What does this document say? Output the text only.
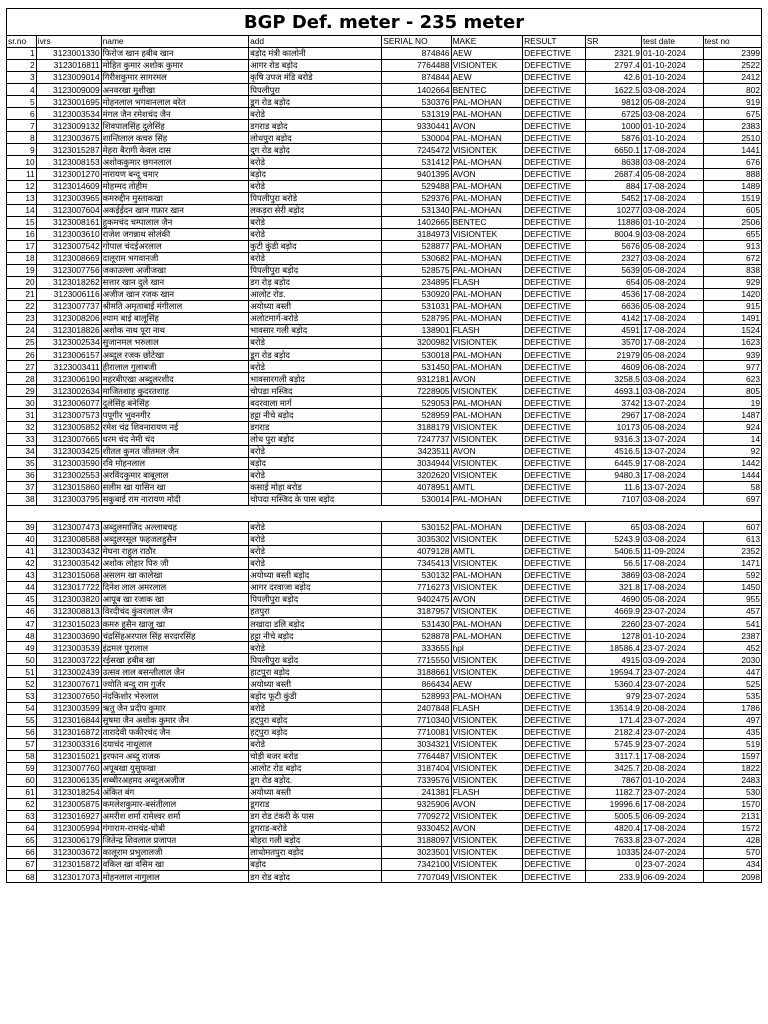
BGP Def. meter - 235 meter
sr.no	ivrs	name	add	SERIAL NO	MAKE	RESULT	SR	test date	test no
1	3123001330	फिरोज खान हबीब खान	बड़ोद मंत्री कालोनी	874846	AEW	DEFECTIVE	2321.9	01-10-2024	2399
2	3123016811	मोहित कुमार अशोक कुमार	आगर रोड बड़ोद	7764488	VISIONTEK	DEFECTIVE	2797.4	01-10-2024	2522
3	3123009014	गिरीशकुमार सागरमल	कृषि उपज मंडि बरोडे	874844	AEW	DEFECTIVE	42.6	01-10-2024	2412
4	3123009009	अनवरखा मुशीखा	पिपलीपुरा	1402664	BENTEC	DEFECTIVE	1622.5	03-08-2024	802
5	3123001695	मोहनलाल भगवानलाल बरेत	डूग रोड बड़ोद	530376	PAL-MOHAN	DEFECTIVE	9812	05-08-2024	919
6	3123003534	मंगल जैन रमेशचंद जैन	बरोडे	531319	PAL-MOHAN	DEFECTIVE	6725	03-08-2024	675
7	3123009132	शिवपालसिंह दुलेसिंह	डगराड बड़ोद	9330441	AVON	DEFECTIVE	1000	01-10-2024	2383
8	3123003675	शान्तिलाल कचरु सिंह	लोधपुरा बड़ोद	530004	PAL-MOHAN	DEFECTIVE	5876	01-10-2024	2510
9	3123015287	मेहरा बैरागी केवल दास	दुग रोड बड़ोद	7245472	VISIONTEK	DEFECTIVE	6650.1	17-08-2024	1441
10	3123008153	अशोककुमार छगनलाल	बरोडे	531412	PAL-MOHAN	DEFECTIVE	8638	03-08-2024	676
11	3123001270	नारायण बन्दू चमार	बड़ोद	9401395	AVON	DEFECTIVE	2687.4	05-08-2024	888
12	3123014609	मोहम्मद तोहीम	बरोडे	529488	PAL-MOHAN	DEFECTIVE	884	17-08-2024	1489
13	3123003965	कमरुद्दीन मुस्ताकखा	पिपलीपुरा बरोडे	529376	PAL-MOHAN	DEFECTIVE	5452	17-08-2024	1519
14	3123007604	अकईईदन खान गफ़ार खान	लकड़रा सेरी बड़ोद	531340	PAL-MOHAN	DEFECTIVE	10277	03-08-2024	605
15	3123008161	हुकमचंद चम्पालाल जैन	बरोडे	1402665	BENTEC	DEFECTIVE	11886	01-10-2024	2506
16	3123003610	राजेश जगन्नाथ सोलंकी	बरोडे	3184973	VISIONTEK	DEFECTIVE	8004.9	03-08-2024	655
17	3123007542	गोपाल चंदईअरलाल	कुटी कुंडी बड़ोद	528877	PAL-MOHAN	DEFECTIVE	5676	05-08-2024	913
18	3123008669	दालूराम भगवानजी	बरोडे	530682	PAL-MOHAN	DEFECTIVE	2327	03-08-2024	672
19	3123007756	जकाउल्ला अजीजखा	पिपलीपुरा बड़ोद	528575	PAL-MOHAN	DEFECTIVE	5639	05-08-2024	838
20	3123018262	सत्तार खान दुले खान	डग रोड़ बड़ोद	234895	FLASH	DEFECTIVE	654	05-08-2024	929
21	3123006116	अजीज खान रजक खान	आलोट रोड.	530920	PAL-MOHAN	DEFECTIVE	4536	17-08-2024	1420
22	3123007737	श्रीमति अमृताबाई मंगीलाल	अयोध्या बस्ती	531031	PAL-MOHAN	DEFECTIVE	6636	05-08-2024	915
23	3123008206	श्याम बाई बालूसिंह	अलोटमार्ग-बरोडे	528795	PAL-MOHAN	DEFECTIVE	4142	17-08-2024	1491
24	3123018826	अशोक नाथ पूरा नाथ	भावसार गली बड़ोद	138901	FLASH	DEFECTIVE	4591	17-08-2024	1524
25	3123002534	सुजानमल भरुलाल	बरोडे	3200982	VISIONTEK	DEFECTIVE	3570	17-08-2024	1623
26	3123006157	अब्दुल रजक छोटेखा	डूग रोड बड़ोद	530018	PAL-MOHAN	DEFECTIVE	21979	05-08-2024	939
27	3123003411	हीरालाल गुलाबजी	बरोडे	531450	PAL-MOHAN	DEFECTIVE	4609	06-08-2024	977
28	3123006190	महरबीएखा अब्दुलरशीद	भावसारगली बड़ोद	9312181	AVON	DEFECTIVE	3258.5	03-08-2024	623
29	3123002634	माजितशाह कुदरतशाह	चोपडा मस्जिद	7228905	VISIONTEK	DEFECTIVE	4693.1	03-08-2024	805
30	3123006077	दुलेसिंह बनेसिंह	बदरवाला मार्ग	529053	PAL-MOHAN	DEFECTIVE	3742	13-07-2024	19
31	3123007573	पपूगीर भुवनगीर	हट्टा नीचे बड़ोद	528959	PAL-MOHAN	DEFECTIVE	2967	17-08-2024	1487
32	3123005852	रमेश चंद्र शिवनारायण नई	डगराड	3188179	VISIONTEK	DEFECTIVE	10173	05-08-2024	924
33	3123007665	धरम चंद नेमी चंद	लोध पुरा बड़ोद	7247737	VISIONTEK	DEFECTIVE	9316.3	13-07-2024	14
34	3123003425	शीतल कुमत जीतमल जैन	बरोडे	3423511	AVON	DEFECTIVE	4516.5	13-07-2024	92
35	3123003590	रवि मोहनलाल	बड़ोद	3034944	VISIONTEK	DEFECTIVE	6445.9	17-08-2024	1442
36	3123002553	अरविंदकुमार बाबूलाल	बरोडे	3202620	VISIONTEK	DEFECTIVE	9480.3	17-08-2024	1444
37	3123015860	सलीम खा यासिन खा	कसाई मोहा बरोड	4078951	AMTL	DEFECTIVE	11.6	13-07-2024	58
38	3123003795	सकुबाई राम नारायण मोदी	चोपदा मस्जिद के पास बड़ोद	530014	PAL-MOHAN	DEFECTIVE	7107	03-08-2024	697

39	3123007473	अब्दुलमाजिद अल्लाबचह	बरोडे	530152	PAL-MOHAN	DEFECTIVE	65	03-08-2024	607
40	3123008588	अब्दुलरसूल फहजलहुसैन	बरोडे	3035302	VISIONTEK	DEFECTIVE	5243.9	03-08-2024	613
41	3123003432	मेघना राहुल राठौर	बरोडे	4079128	AMTL	DEFECTIVE	5406.5	11-09-2024	2352
42	3123003542	अशोक लोहार पिरु जी	बरोडे	7345413	VISIONTEK	DEFECTIVE	56.5	17-08-2024	1471
43	3123015068	असलम खा कालेखा	अयोध्या बस्ती बड़ोद	530132	PAL-MOHAN	DEFECTIVE	3869	03-08-2024	592
44	3123017722	दिनेश लाल अमरलाल	आगर दरवाजा बड़ोद	7716273	VISIONTEK	DEFECTIVE	321.8	17-08-2024	1450
45	3123003820	आपूब खा रजाक खा	पिपलीपुरा बड़ोद	9402475	AVON	DEFECTIVE	4690	05-08-2024	955
46	3123008813	विरदीचंद कुंवरलाल जैन	हतपुरा	3187957	VISIONTEK	DEFECTIVE	4669.9	23-07-2024	457
47	3123015023	कमरु हुसैन खाजु खा	लखादा डलि बड़ोद	531430	PAL-MOHAN	DEFECTIVE	2260	23-07-2024	541
48	3123003690	चंद्रसिंहअरपाल सिंह सरदारसिंह	हट्टा नीचे बड़ोद	528878	PAL-MOHAN	DEFECTIVE	1278	01-10-2024	2387
49	3123003539	इंद्रमल पुरालाल	बरोडे	333655	hpl	DEFECTIVE	18586.4	23-07-2024	452
50	3123003722	रईसखा हबीब खा	पिपलीपुरा बड़ोद	7715550	VISIONTEK	DEFECTIVE	4915	03-09-2024	2030
51	3123002439	उत्सव लाल बसन्तीलाल जैन	हाटपुरा बड़ोद	3188661	VISIONTEK	DEFECTIVE	19594.7	23-07-2024	447
52	3123007671	ज्योति बन्दु राम गुर्जर	अयोध्या बस्ती	866434	AEW	DEFECTIVE	5360.4	23-07-2024	525
53	3123007650	नंदकिशोर भेरुलाल	बड़ोद फूटी कुंडी	528993	PAL-MOHAN	DEFECTIVE	979	23-07-2024	535
54	3123003599	ऋतु जैन प्रदीप कुमार	बरोडे	2407848	FLASH	DEFECTIVE	13514.9	20-08-2024	1786
55	3123016844	सुषमा जैन अशोक कुमार जैन	हट्पुरा बड़ोद	7710340	VISIONTEK	DEFECTIVE	171.4	23-07-2024	497
56	3123016872	तारादेवी फकीरचंद जैन	हट्पुरा बड़ोद	7710081	VISIONTEK	DEFECTIVE	2182.4	23-07-2024	435
57	3123003316	दयाचंद नाथूलाल	बरोडे	3034321	VISIONTEK	DEFECTIVE	5745.9	23-07-2024	519
58	3123015021	इरफान अब्दु राजक	चोड़ी बजर बरोड	7764487	VISIONTEK	DEFECTIVE	3117.1	17-08-2024	1597
59	3123007760	अपूबखा युसुफखा	आलोट रोड बड़ोद	3187404	VISIONTEK	DEFECTIVE	3425.7	20-08-2024	1822
60	3123006135	शब्बीरअहमद अब्दुलअजीज	डूग रोड बड़ोद.	7339576	VISIONTEK	DEFECTIVE	7867	01-10-2024	2483
61	3123018254	अंकित बंग	अयोध्या बस्ती	241381	FLASH	DEFECTIVE	1182.7	23-07-2024	530
62	3123005875	कमलेशकुमार-बसंतीलाल	डूगराड	9325906	AVON	DEFECTIVE	19996.6	17-08-2024	1570
63	3123016927	अमरीश शर्मा रामेश्वर शर्मा	डग रोड टंकरी के पास	7709272	VISIONTEK	DEFECTIVE	5005.5	06-09-2024	2131
64	3123005994	गंगाराम-रामचंद्र-धोबी	डूगराड-बरोडे	9330452	AVON	DEFECTIVE	4820.4	17-08-2024	1572
65	3123006179	जितेन्द्र शिवलाल प्रजापत	बोहरा गली बड़ोद	3188097	VISIONTEK	DEFECTIVE	7633.8	23-07-2024	428
66	3123003672	कालूराम प्रभुलालजी	लाधोमतपुरा बड़ोद	3023501	VISIONTEK	DEFECTIVE	10335	24-07-2024	570
67	3123015872	वकिल खा वसिम खा	बड़ोद	7342100	VISIONTEK	DEFECTIVE	0	23-07-2024	434
68	3123017073	मोहनलाल नागुलाल	डग रोड बड़ोद	7707049	VISIONTEK	DEFECTIVE	233.9	06-09-2024	2098
